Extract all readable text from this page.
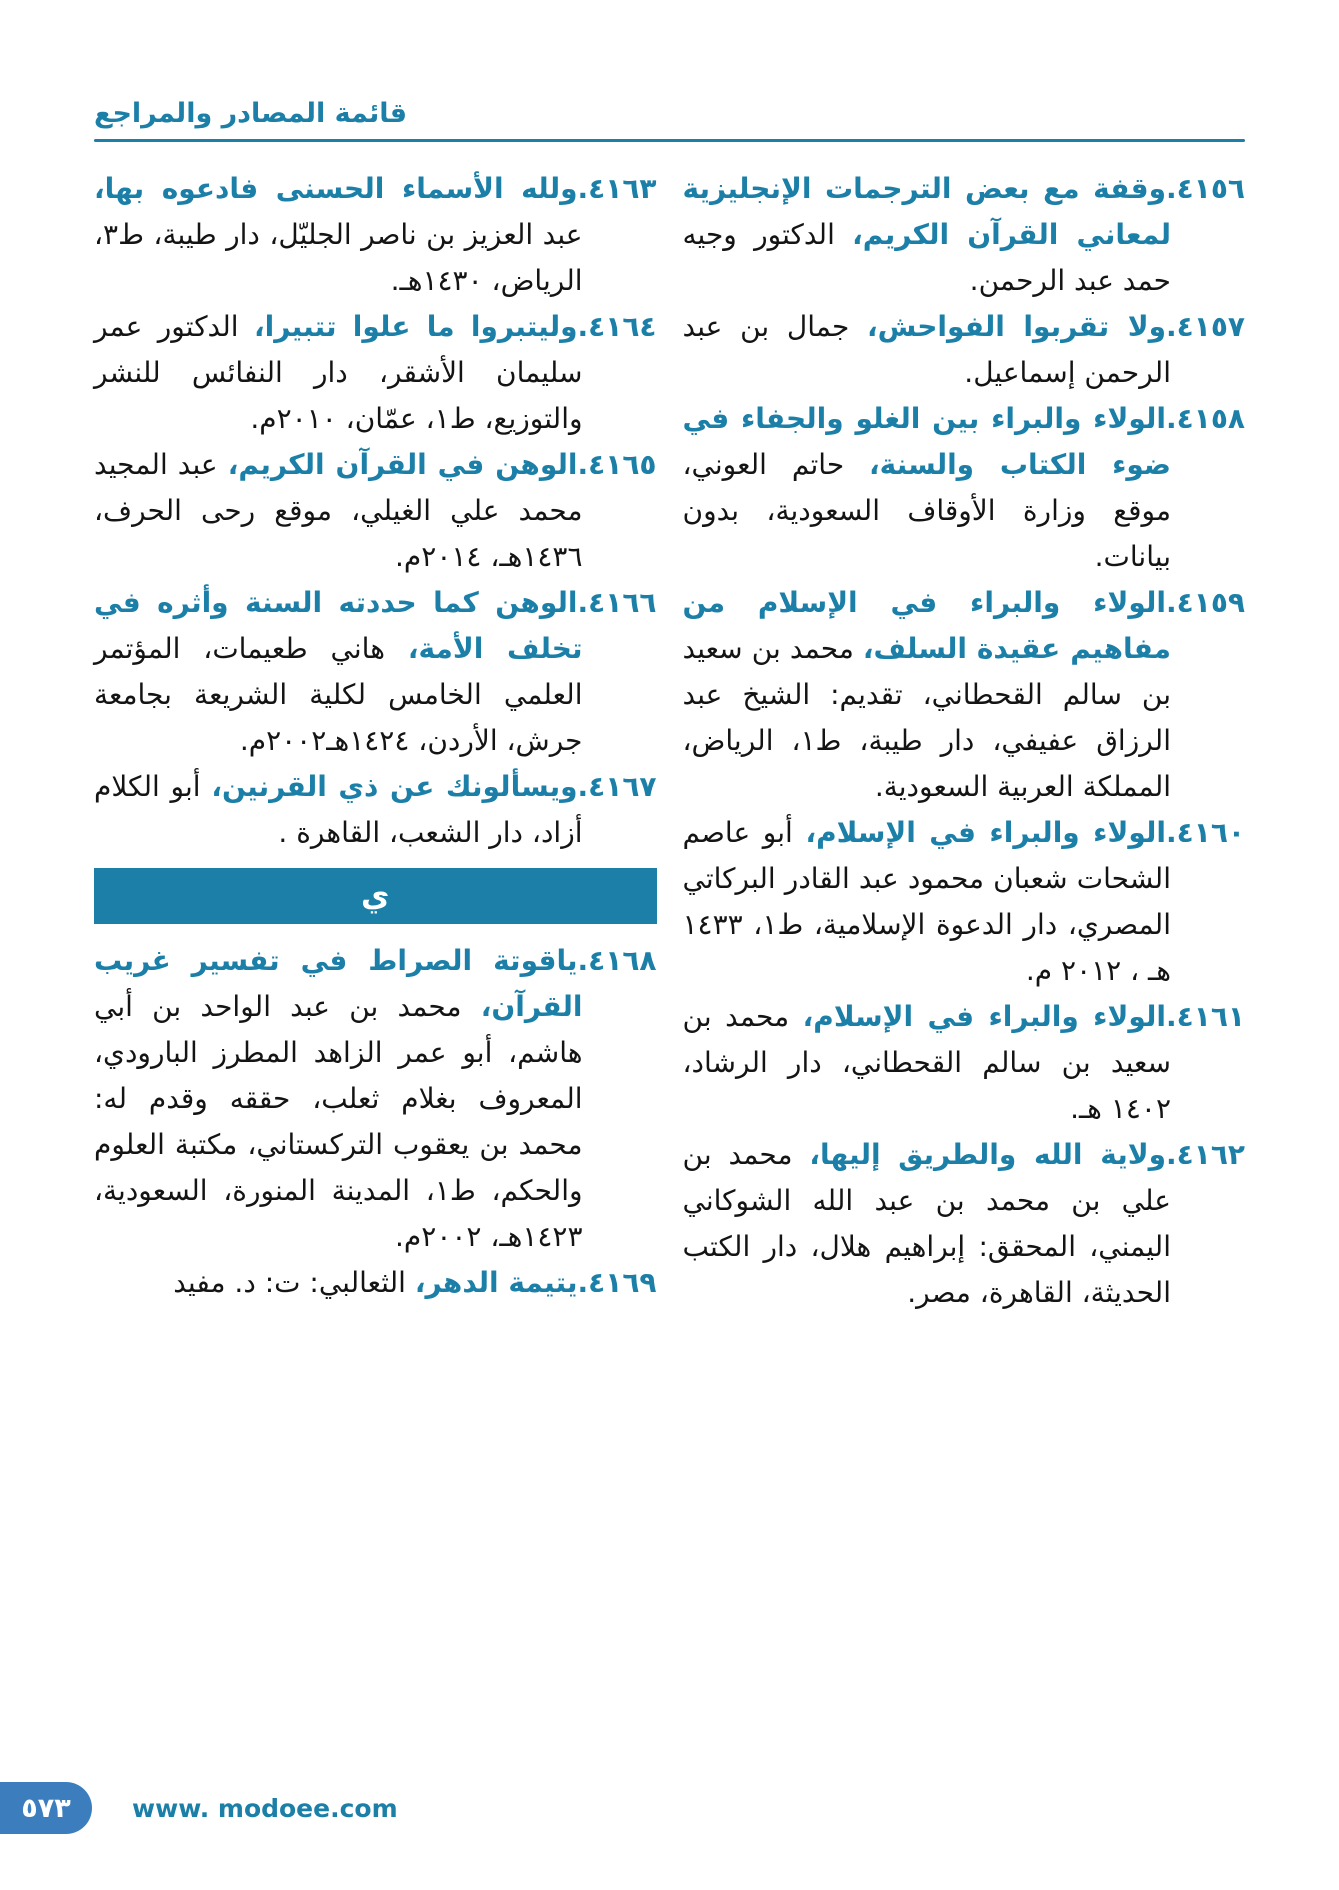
قائمة المصادر والمراجع

٤١٥٦.وقفة مع بعض الترجمات الإنجليزية لمعاني القرآن الكريم، الدكتور وجيه حمد عبد الرحمن.

٤١٥٧.ولا تقربوا الفواحش، جمال بن عبد الرحمن إسماعيل.

٤١٥٨.الولاء والبراء بين الغلو والجفاء في ضوء الكتاب والسنة، حاتم العوني، موقع وزارة الأوقاف السعودية، بدون بيانات.

٤١٥٩.الولاء والبراء في الإسلام من مفاهيم عقيدة السلف، محمد بن سعيد بن سالم القحطاني، تقديم: الشيخ عبد الرزاق عفيفي، دار طيبة، ط١، الرياض، المملكة العربية السعودية.

٤١٦٠.الولاء والبراء في الإسلام، أبو عاصم الشحات شعبان محمود عبد القادر البركاتي المصري، دار الدعوة الإسلامية، ط١، ١٤٣٣ هـ ، ٢٠١٢ م.

٤١٦١.الولاء والبراء في الإسلام، محمد بن سعيد بن سالم القحطاني، دار الرشاد، ١٤٠٢ هـ.

٤١٦٢.ولاية الله والطريق إليها، محمد بن علي بن محمد بن عبد الله الشوكاني اليمني، المحقق: إبراهيم هلال، دار الكتب الحديثة، القاهرة، مصر.

٤١٦٣.ولله الأسماء الحسنى فادعوه بها، عبد العزيز بن ناصر الجليّل، دار طيبة، ط٣، الرياض، ١٤٣٠هـ.

٤١٦٤.وليتبروا ما علوا تتبيرا، الدكتور عمر سليمان الأشقر، دار النفائس للنشر والتوزيع، ط١، عمّان، ٢٠١٠م.

٤١٦٥.الوهن في القرآن الكريم، عبد المجيد محمد علي الغيلي، موقع رحى الحرف، ١٤٣٦هـ، ٢٠١٤م.

٤١٦٦.الوهن كما حددته السنة وأثره في تخلف الأمة، هاني طعيمات، المؤتمر العلمي الخامس لكلية الشريعة بجامعة جرش، الأردن، ١٤٢٤هـ٢٠٠٢م.

٤١٦٧.ويسألونك عن ذي القرنين، أبو الكلام أزاد، دار الشعب، القاهرة .

ي

٤١٦٨.ياقوتة الصراط في تفسير غريب القرآن، محمد بن عبد الواحد بن أبي هاشم، أبو عمر الزاهد المطرز البارودي، المعروف بغلام ثعلب، حققه وقدم له: محمد بن يعقوب التركستاني، مكتبة العلوم والحكم، ط١، المدينة المنورة، السعودية، ١٤٢٣هـ، ٢٠٠٢م.

٤١٦٩.يتيمة الدهر، الثعالبي: ت: د. مفيد

٥٧٣ www. modoee.com
